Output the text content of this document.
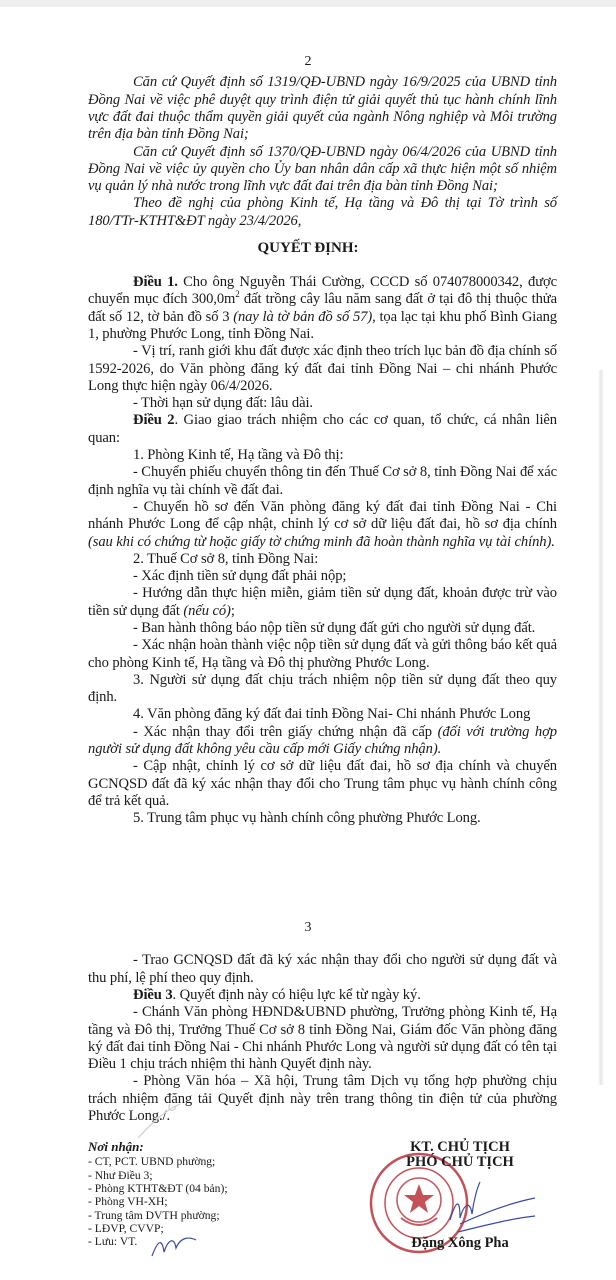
2

Căn cứ Quyết định số 1319/QĐ-UBND ngày 16/9/2025 của UBND tỉnh Đồng Nai về việc phê duyệt quy trình điện tử giải quyết thủ tục hành chính lĩnh vực đất đai thuộc thẩm quyền giải quyết của ngành Nông nghiệp và Môi trường trên địa bàn tỉnh Đồng Nai;

Căn cứ Quyết định số 1370/QĐ-UBND ngày 06/4/2026 của UBND tỉnh Đồng Nai về việc ủy quyền cho Ủy ban nhân dân cấp xã thực hiện một số nhiệm vụ quản lý nhà nước trong lĩnh vực đất đai trên địa bàn tỉnh Đồng Nai;

Theo đề nghị của phòng Kinh tế, Hạ tầng và Đô thị tại Tờ trình số 180/TTr-KTHT&ĐT ngày 23/4/2026,

QUYẾT ĐỊNH:

Điều 1. Cho ông Nguyễn Thái Cường, CCCD số 074078000342, được chuyển mục đích $300,0m^2$ đất trồng cây lâu năm sang đất ở tại đô thị thuộc thửa đất số 12, tờ bản đồ số 3 (nay là tờ bản đồ số 57), tọa lạc tại khu phố Bình Giang 1, phường Phước Long, tỉnh Đồng Nai.

- Vị trí, ranh giới khu đất được xác định theo trích lục bản đồ địa chính số 1592-2026, do Văn phòng đăng ký đất đai tỉnh Đồng Nai – chi nhánh Phước Long thực hiện ngày 06/4/2026.

- Thời hạn sử dụng đất: lâu dài.

Điều 2. Giao giao trách nhiệm cho các cơ quan, tổ chức, cá nhân liên quan:

1. Phòng Kinh tế, Hạ tầng và Đô thị:

- Chuyển phiếu chuyển thông tin đến Thuế Cơ sở 8, tỉnh Đồng Nai để xác định nghĩa vụ tài chính về đất đai.

- Chuyển hồ sơ đến Văn phòng đăng ký đất đai tỉnh Đồng Nai - Chi nhánh Phước Long để cập nhật, chỉnh lý cơ sở dữ liệu đất đai, hồ sơ địa chính (sau khi có chứng từ hoặc giấy tờ chứng minh đã hoàn thành nghĩa vụ tài chính).

2. Thuế Cơ sở 8, tỉnh Đồng Nai:

- Xác định tiền sử dụng đất phải nộp;

- Hướng dẫn thực hiện miễn, giảm tiền sử dụng đất, khoản được trừ vào tiền sử dụng đất (nếu có);

- Ban hành thông báo nộp tiền sử dụng đất gửi cho người sử dụng đất.

- Xác nhận hoàn thành việc nộp tiền sử dụng đất và gửi thông báo kết quả cho phòng Kinh tế, Hạ tầng và Đô thị phường Phước Long.

3. Người sử dụng đất chịu trách nhiệm nộp tiền sử dụng đất theo quy định.

4. Văn phòng đăng ký đất đai tỉnh Đồng Nai- Chi nhánh Phước Long

- Xác nhận thay đổi trên giấy chứng nhận đã cấp (đối với trường hợp người sử dụng đất không yêu cầu cấp mới Giấy chứng nhận).

- Cập nhật, chỉnh lý cơ sở dữ liệu đất đai, hồ sơ địa chính và chuyển GCNQSD đất đã ký xác nhận thay đổi cho Trung tâm phục vụ hành chính công để trả kết quả.

5. Trung tâm phục vụ hành chính công phường Phước Long.

3

- Trao GCNQSD đất đã ký xác nhận thay đổi cho người sử dụng đất và thu phí, lệ phí theo quy định.

Điều 3. Quyết định này có hiệu lực kể từ ngày ký.

- Chánh Văn phòng HĐND&UBND phường, Trưởng phòng Kinh tế, Hạ tầng và Đô thị, Trưởng Thuế Cơ sở 8 tỉnh Đồng Nai, Giám đốc Văn phòng đăng ký đất đai tỉnh Đồng Nai - Chi nhánh Phước Long và người sử dụng đất có tên tại Điều 1 chịu trách nhiệm thi hành Quyết định này.

- Phòng Văn hóa – Xã hội, Trung tâm Dịch vụ tổng hợp phường chịu trách nhiệm đăng tải Quyết định này trên trang thông tin điện tử của phường Phước Long./.

Nơi nhận:
- CT, PCT. UBND phường;
- Như Điều 3;
- Phòng KTHT&ĐT (04 bản);
- Phòng VH-XH;
- Trung tâm DVTH phường;
- LĐVP, CVVP;
- Lưu: VT.
KT. CHỦ TỊCH
PHÓ CHỦ TỊCH
Đặng Xông Pha
